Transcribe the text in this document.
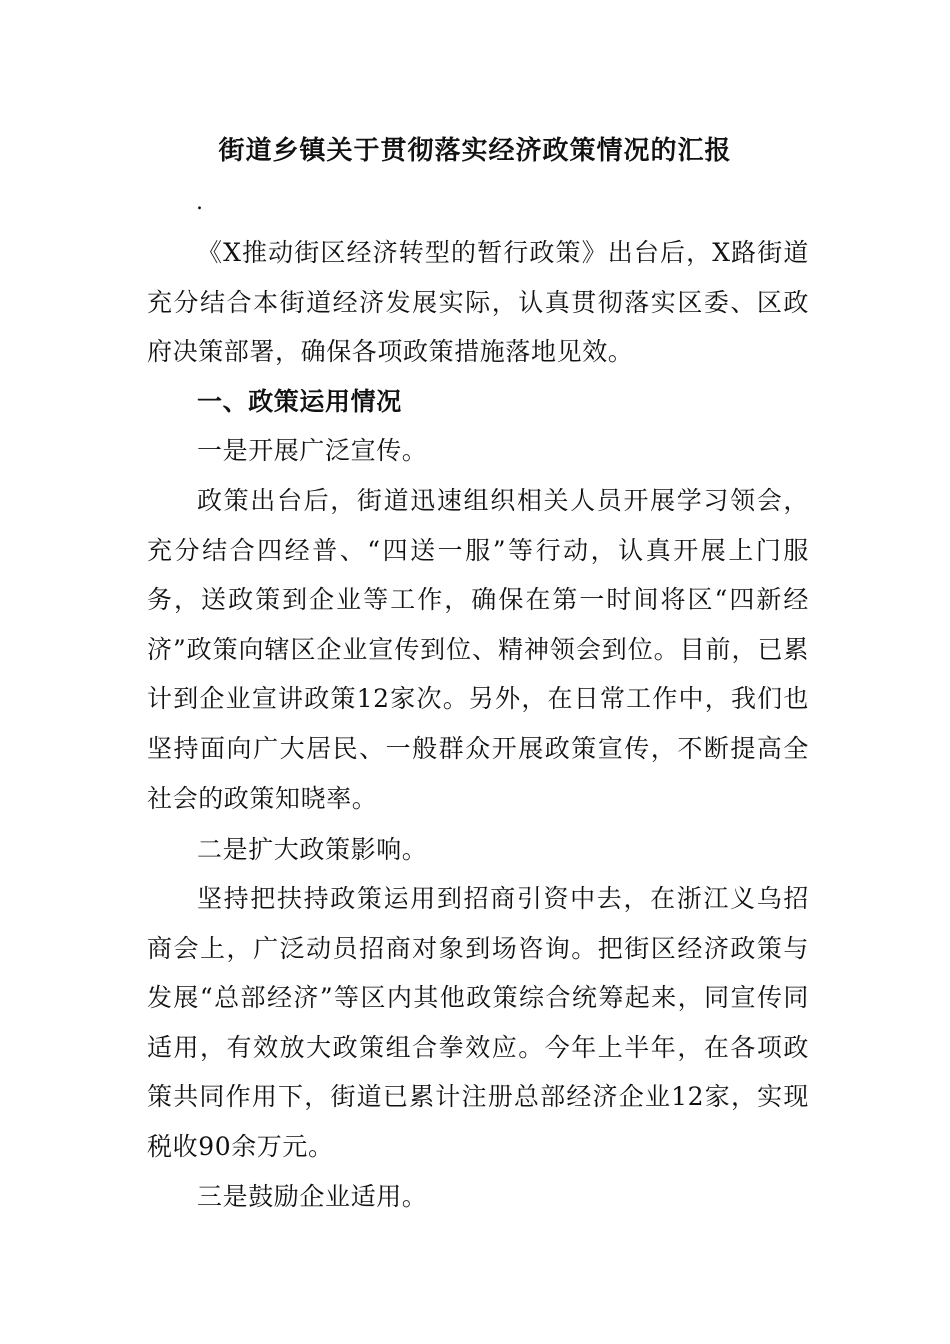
街道乡镇关于贯彻落实经济政策情况的汇报
.

《X推动街区经济转型的暂行政策》出台后，X路街道充分结合本街道经济发展实际，认真贯彻落实区委、区政府决策部署，确保各项政策措施落地见效。

一、政策运用情况

一是开展广泛宣传。

政策出台后，街道迅速组织相关人员开展学习领会，充分结合四经普、“四送一服”等行动，认真开展上门服务，送政策到企业等工作，确保在第一时间将区“四新经济”政策向辖区企业宣传到位、精神领会到位。目前，已累计到企业宣讲政策12家次。另外，在日常工作中，我们也坚持面向广大居民、一般群众开展政策宣传，不断提高全社会的政策知晓率。

二是扩大政策影响。

坚持把扶持政策运用到招商引资中去，在浙江义乌招商会上，广泛动员招商对象到场咨询。把街区经济政策与发展“总部经济”等区内其他政策综合统筹起来，同宣传同适用，有效放大政策组合拳效应。今年上半年，在各项政策共同作用下，街道已累计注册总部经济企业12家，实现税收90余万元。

三是鼓励企业适用。
